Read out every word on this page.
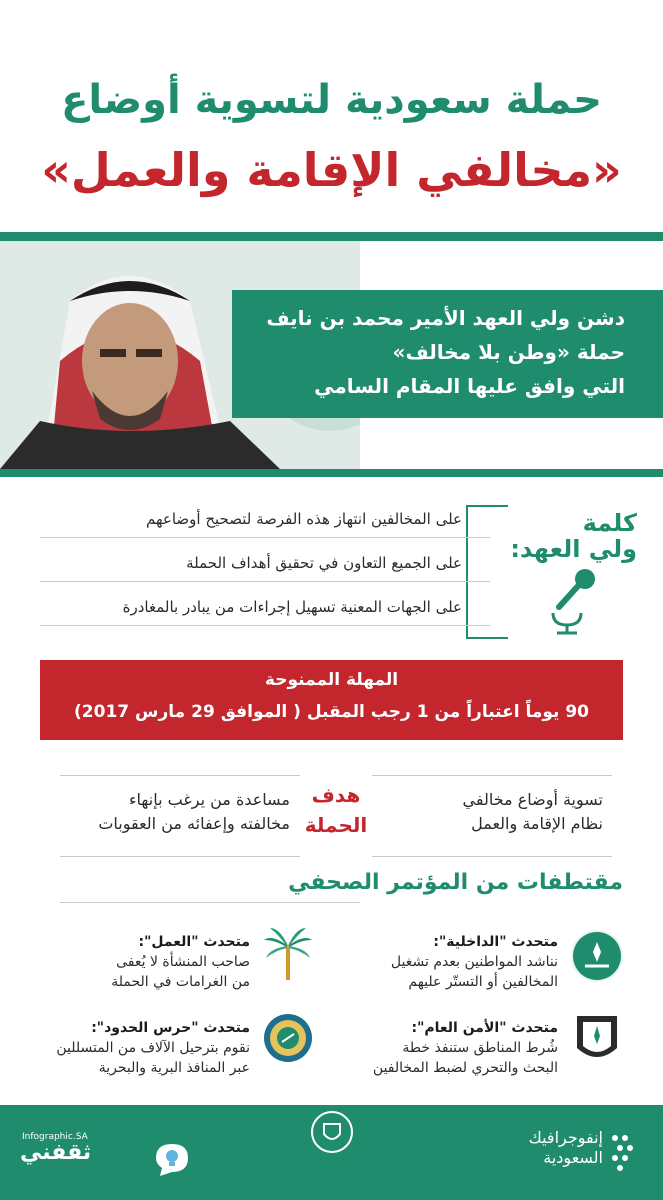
حملة سعودية لتسوية أوضاع
«مخالفي الإقامة والعمل»
دشن ولي العهد الأمير محمد بن نايف
حملة «وطن بلا مخالف»
التي وافق عليها المقام السامي
كلمة
ولي العهد:
على المخالفين انتهاز هذه الفرصة لتصحيح أوضاعهم
على الجميع التعاون في تحقيق أهداف الحملة
على الجهات المعنية تسهيل إجراءات من يبادر بالمغادرة
المهلة الممنوحة
90 يوماً اعتباراً من 1 رجب المقبل ( الموافق 29 مارس 2017)
تسوية أوضاع مخالفي
نظام الإقامة والعمل
هدف
الحملة
مساعدة من يرغب بإنهاء
مخالفته وإعفائه من العقوبات
مقتطفات من المؤتمر الصحفي
متحدث "الداخلية":
نناشد المواطنين بعدم تشغيل
المخالفين أو التستّر عليهم
متحدث "العمل":
صاحب المنشأة لا يُعفى
من الغرامات في الحملة
متحدث "الأمن العام":
شُرط المناطق ستنفذ خطة
البحث والتحري لضبط المخالفين
متحدث "حرس الحدود":
نقوم بترحيل الآلاف من المتسللين
عبر المنافذ البرية والبحرية
إنفوجرافيك
السعودية
Infographic.SA
ثقفني
